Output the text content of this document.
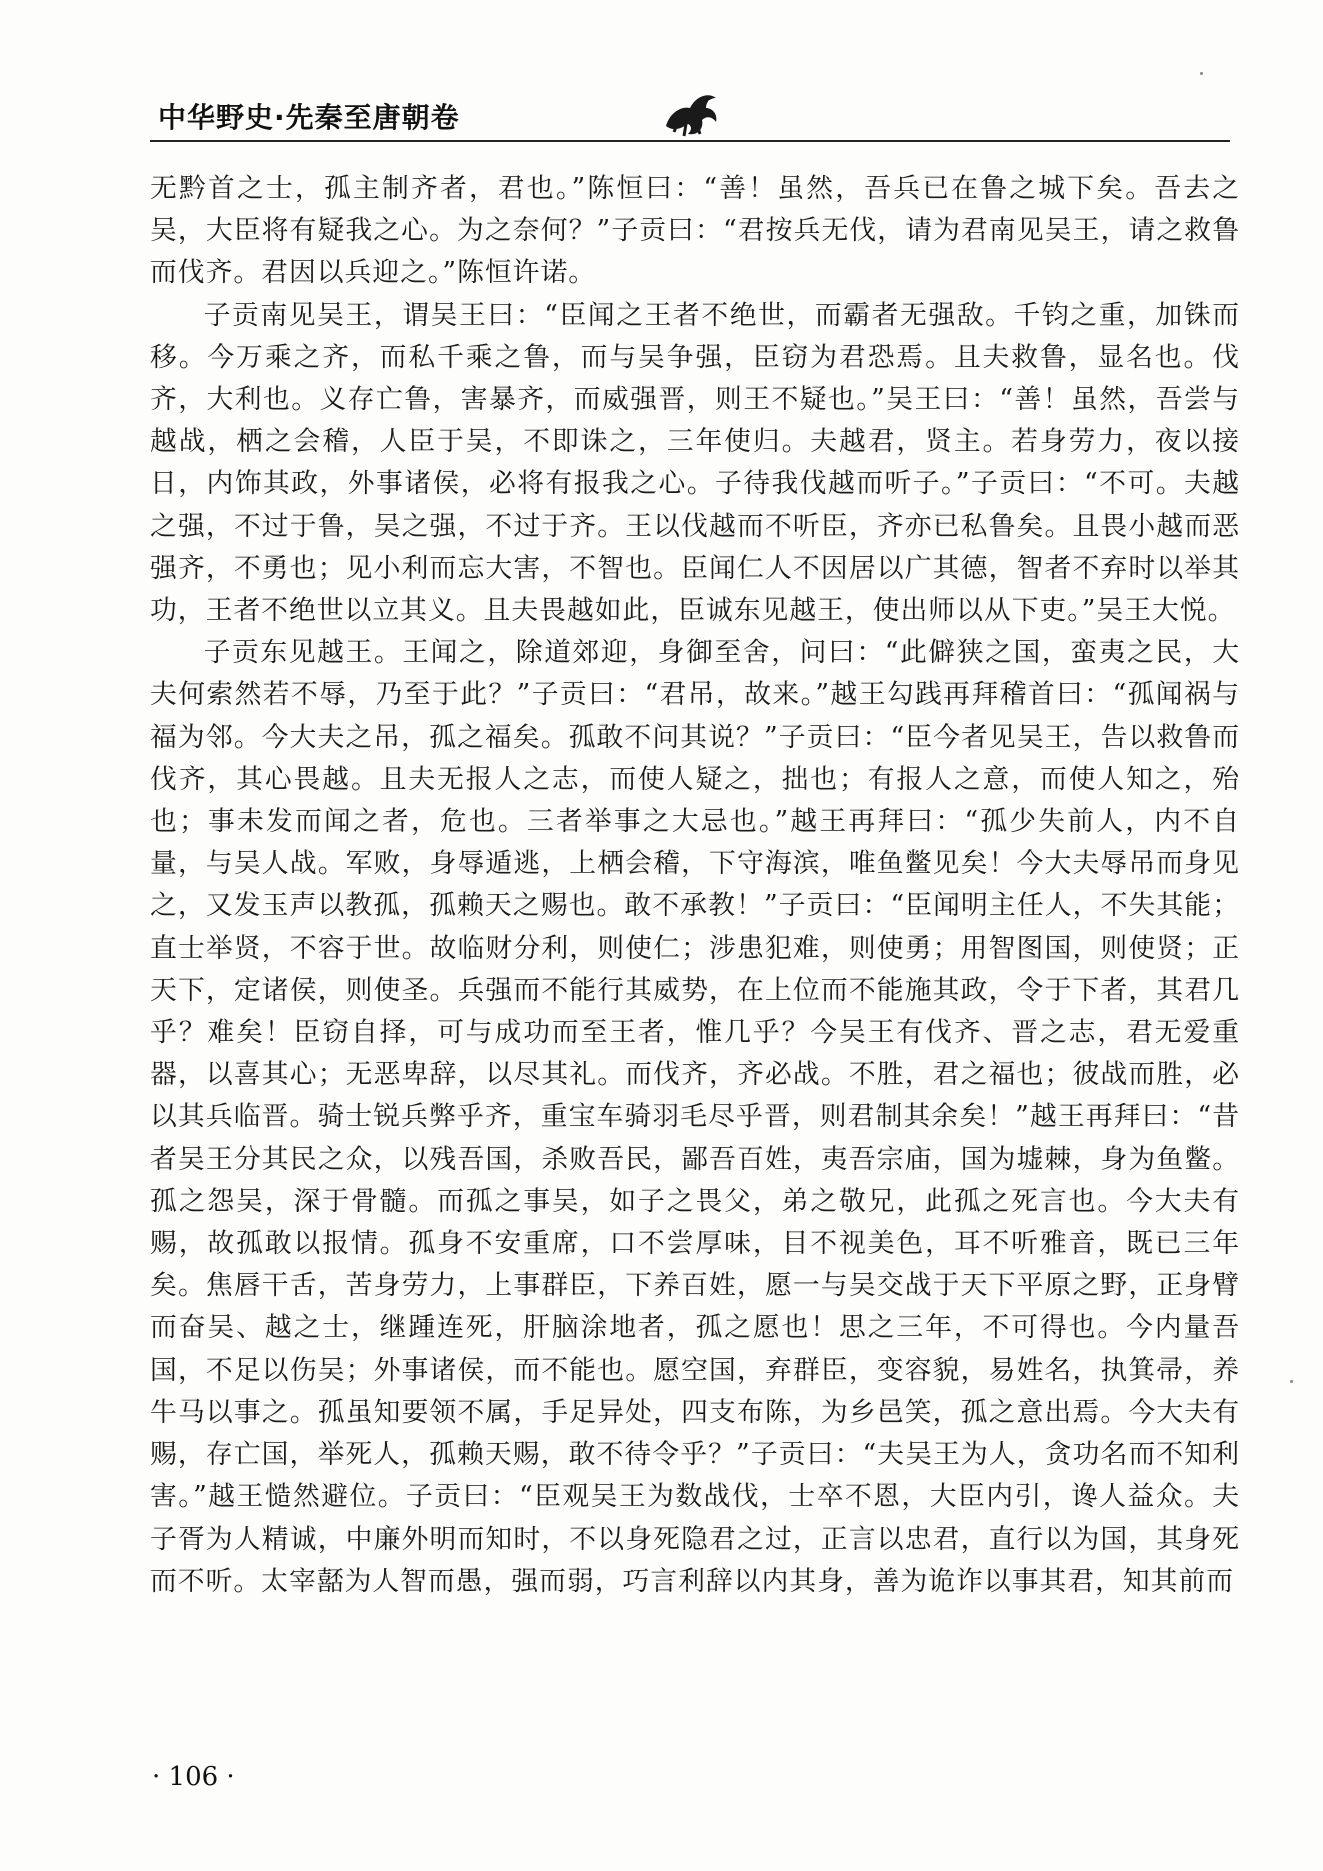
中华野史·先秦至唐朝卷

无黔首之士，孤主制齐者，君也。”陈恒曰：“善！虽然，吾兵已在鲁之城下矣。吾去之吴，大臣将有疑我之心。为之奈何？”子贡曰：“君按兵无伐，请为君南见吴王，请之救鲁而伐齐。君因以兵迎之。”陈恒许诺。

子贡南见吴王，谓吴王曰：“臣闻之王者不绝世，而霸者无强敌。千钧之重，加铢而移。今万乘之齐，而私千乘之鲁，而与吴争强，臣窃为君恐焉。且夫救鲁，显名也。伐齐，大利也。义存亡鲁，害暴齐，而威强晋，则王不疑也。”吴王曰：“善！虽然，吾尝与越战，栖之会稽，人臣于吴，不即诛之，三年使归。夫越君，贤主。若身劳力，夜以接日，内饰其政，外事诸侯，必将有报我之心。子待我伐越而听子。”子贡曰：“不可。夫越之强，不过于鲁，吴之强，不过于齐。王以伐越而不听臣，齐亦已私鲁矣。且畏小越而恶强齐，不勇也；见小利而忘大害，不智也。臣闻仁人不因居以广其德，智者不弃时以举其功，王者不绝世以立其义。且夫畏越如此，臣诚东见越王，使出师以从下吏。”吴王大悦。

子贡东见越王。王闻之，除道郊迎，身御至舍，问曰：“此僻狭之国，蛮夷之民，大夫何索然若不辱，乃至于此？”子贡曰：“君吊，故来。”越王勾践再拜稽首曰：“孤闻祸与福为邻。今大夫之吊，孤之福矣。孤敢不问其说？”子贡曰：“臣今者见吴王，告以救鲁而伐齐，其心畏越。且夫无报人之志，而使人疑之，拙也；有报人之意，而使人知之，殆也；事未发而闻之者，危也。三者举事之大忌也。”越王再拜曰：“孤少失前人，内不自量，与吴人战。军败，身辱遁逃，上栖会稽，下守海滨，唯鱼鳖见矣！今大夫辱吊而身见之，又发玉声以教孤，孤赖天之赐也。敢不承教！”子贡曰：“臣闻明主任人，不失其能；直士举贤，不容于世。故临财分利，则使仁；涉患犯难，则使勇；用智图国，则使贤；正天下，定诸侯，则使圣。兵强而不能行其威势，在上位而不能施其政，令于下者，其君几乎？难矣！臣窃自择，可与成功而至王者，惟几乎？今吴王有伐齐、晋之志，君无爱重器，以喜其心；无恶卑辞，以尽其礼。而伐齐，齐必战。不胜，君之福也；彼战而胜，必以其兵临晋。骑士锐兵弊乎齐，重宝车骑羽毛尽乎晋，则君制其余矣！”越王再拜曰：“昔者吴王分其民之众，以残吾国，杀败吾民，鄙吾百姓，夷吾宗庙，国为墟棘，身为鱼鳖。孤之怨吴，深于骨髓。而孤之事吴，如子之畏父，弟之敬兄，此孤之死言也。今大夫有赐，故孤敢以报情。孤身不安重席，口不尝厚味，目不视美色，耳不听雅音，既已三年矣。焦唇干舌，苦身劳力，上事群臣，下养百姓，愿一与吴交战于天下平原之野，正身臂而奋吴、越之士，继踵连死，肝脑涂地者，孤之愿也！思之三年，不可得也。今内量吾国，不足以伤吴；外事诸侯，而不能也。愿空国，弃群臣，变容貌，易姓名，执箕帚，养牛马以事之。孤虽知要领不属，手足异处，四支布陈，为乡邑笑，孤之意出焉。今大夫有赐，存亡国，举死人，孤赖天赐，敢不待令乎？”子贡曰：“夫吴王为人，贪功名而不知利害。”越王慥然避位。子贡曰：“臣观吴王为数战伐，士卒不恩，大臣内引，谗人益众。夫子胥为人精诚，中廉外明而知时，不以身死隐君之过，正言以忠君，直行以为国，其身死而不听。太宰嚭为人智而愚，强而弱，巧言利辞以内其身，善为诡诈以事其君，知其前而

· 106 ·
